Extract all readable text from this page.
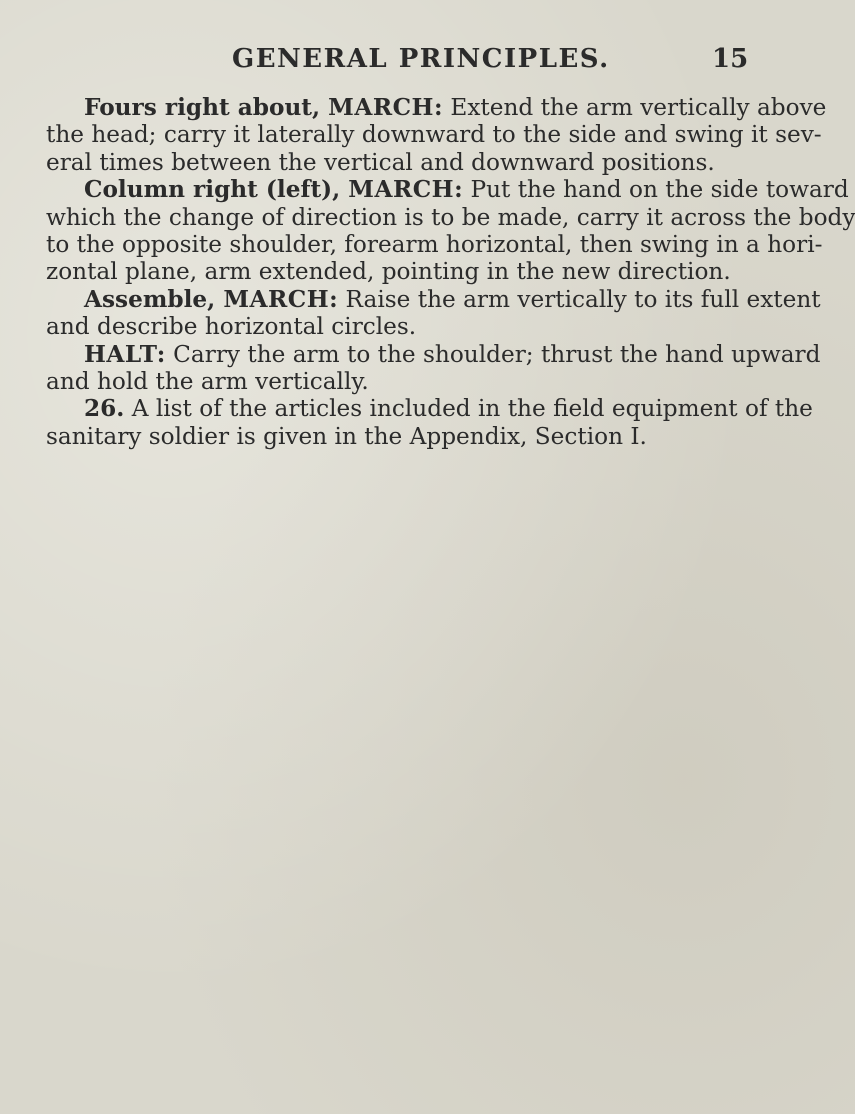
GENERAL PRINCIPLES.	15
Fours right about, MARCH: Extend the arm vertically above
the head; carry it laterally downward to the side and swing it sev-
eral times between the vertical and downward positions.
Column right (left), MARCH: Put the hand on the side toward
which the change of direction is to be made, carry it across the body
to the opposite shoulder, forearm horizontal, then swing in a hori-
zontal plane, arm extended, pointing in the new direction.
Assemble, MARCH: Raise the arm vertically to its full extent
and describe horizontal circles.
HALT: Carry the arm to the shoulder; thrust the hand upward
and hold the arm vertically.
26. A list of the articles included in the field equipment of the
sanitary soldier is given in the Appendix, Section I.
